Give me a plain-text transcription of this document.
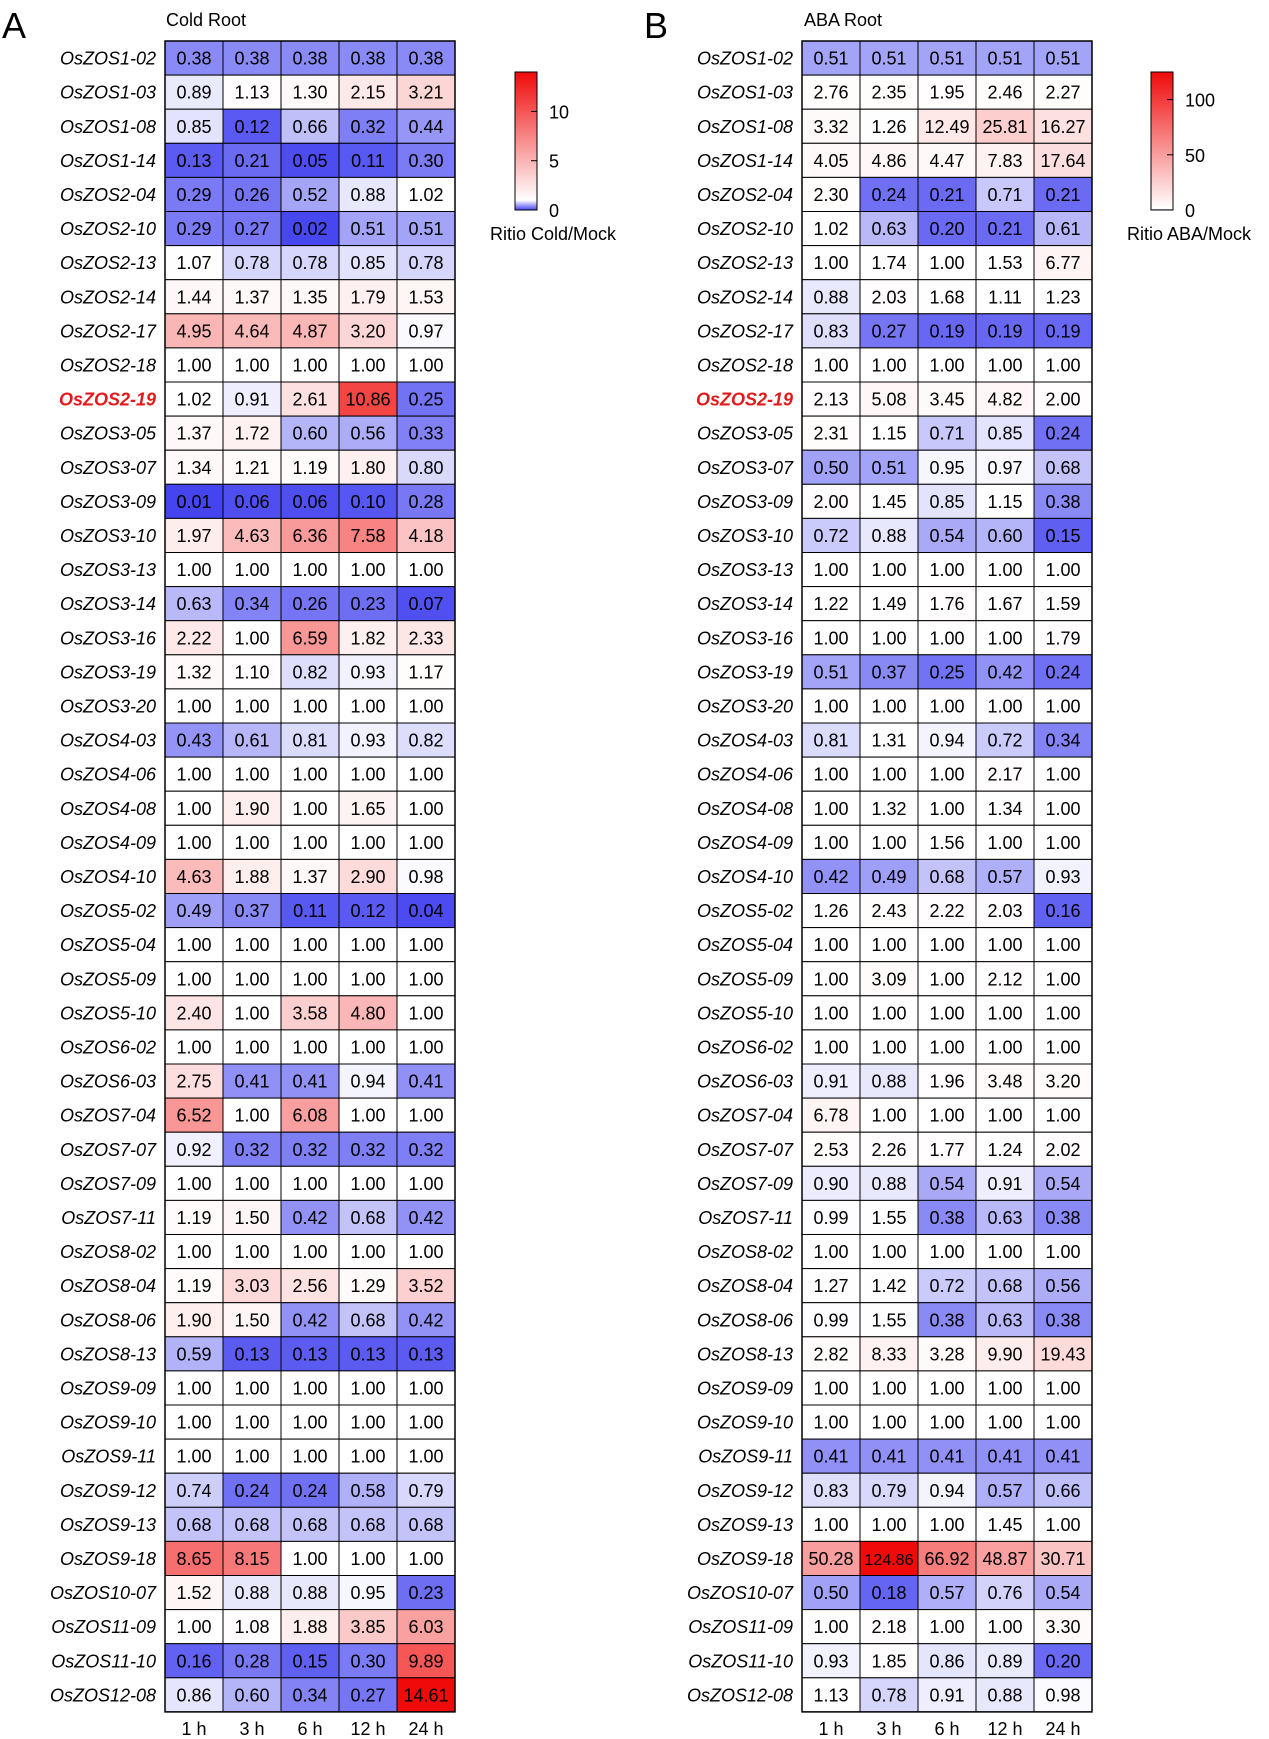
A	Cold Root
OsZOS1-02
OsZOS1-03
OsZOS1-08
OsZOS1-14
OsZOS2-04
OsZOS2-10
OsZOS2-13
OsZOS2-14
OsZOS2-17
OsZOS2-18
OsZOS2-19
OsZOS3-05
OsZOS3-07
OsZOS3-09
OsZOS3-10
OsZOS3-13
OsZOS3-14
OsZOS3-16
OsZOS3-19
OsZOS3-20
OsZOS4-03
OsZOS4-06
OsZOS4-08
OsZOS4-09
OsZOS4-10
OsZOS5-02
OsZOS5-04
OsZOS5-09
OsZOS5-10
OsZOS6-02
OsZOS6-03
OsZOS7-04
OsZOS7-07
OsZOS7-09
OsZOS7-11
OsZOS8-02
OsZOS8-04
OsZOS8-06
OsZOS8-13
OsZOS9-09
OsZOS9-10
OsZOS9-11
OsZOS9-12
OsZOS9-13
OsZOS9-18
OsZOS10-07
OsZOS11-09
OsZOS11-10
OsZOS12-08
0.38 0.38 0.38 0.38 0.38
0.89 1.13 1.30 2.15 3.21
0.85 0.12 0.66 0.32 0.44
0.13 0.21 0.05 0.11 0.30
0.29 0.26 0.52 0.88 1.02
0.29 0.27 0.02 0.51 0.51
1.07 0.78 0.78 0.85 0.78
1.44 1.37 1.35 1.79 1.53
4.95 4.64 4.87 3.20 0.97
1.00 1.00 1.00 1.00 1.00
1.02 0.91 2.61 10.86 0.25
1.37 1.72 0.60 0.56 0.33
1.34 1.21 1.19 1.80 0.80
0.01 0.06 0.06 0.10 0.28
1.97 4.63 6.36 7.58 4.18
1.00 1.00 1.00 1.00 1.00
0.63 0.34 0.26 0.23 0.07
2.22 1.00 6.59 1.82 2.33
1.32 1.10 0.82 0.93 1.17
1.00 1.00 1.00 1.00 1.00
0.43 0.61 0.81 0.93 0.82
1.00 1.00 1.00 1.00 1.00
1.00 1.90 1.00 1.65 1.00
1.00 1.00 1.00 1.00 1.00
4.63 1.88 1.37 2.90 0.98
0.49 0.37 0.11 0.12 0.04
1.00 1.00 1.00 1.00 1.00
1.00 1.00 1.00 1.00 1.00
2.40 1.00 3.58 4.80 1.00
1.00 1.00 1.00 1.00 1.00
2.75 0.41 0.41 0.94 0.41
6.52 1.00 6.08 1.00 1.00
0.92 0.32 0.32 0.32 0.32
1.00 1.00 1.00 1.00 1.00
1.19 1.50 0.42 0.68 0.42
1.00 1.00 1.00 1.00 1.00
1.19 3.03 2.56 1.29 3.52
1.90 1.50 0.42 0.68 0.42
0.59 0.13 0.13 0.13 0.13
1.00 1.00 1.00 1.00 1.00
1.00 1.00 1.00 1.00 1.00
1.00 1.00 1.00 1.00 1.00
0.74 0.24 0.24 0.58 0.79
0.68 0.68 0.68 0.68 0.68
8.65 8.15 1.00 1.00 1.00
1.52 0.88 0.88 0.95 0.23
1.00 1.08 1.88 3.85 6.03
0.16 0.28 0.15 0.30 9.89
0.86 0.60 0.34 0.27 14.61
1 h 3 h 6 h 12 h 24 h
Ritio Cold/Mock
0
5
10
B	ABA Root
OsZOS1-02
OsZOS1-03
OsZOS1-08
OsZOS1-14
OsZOS2-04
OsZOS2-10
OsZOS2-13
OsZOS2-14
OsZOS2-17
OsZOS2-18
OsZOS2-19
OsZOS3-05
OsZOS3-07
OsZOS3-09
OsZOS3-10
OsZOS3-13
OsZOS3-14
OsZOS3-16
OsZOS3-19
OsZOS3-20
OsZOS4-03
OsZOS4-06
OsZOS4-08
OsZOS4-09
OsZOS4-10
OsZOS5-02
OsZOS5-04
OsZOS5-09
OsZOS5-10
OsZOS6-02
OsZOS6-03
OsZOS7-04
OsZOS7-07
OsZOS7-09
OsZOS7-11
OsZOS8-02
OsZOS8-04
OsZOS8-06
OsZOS8-13
OsZOS9-09
OsZOS9-10
OsZOS9-11
OsZOS9-12
OsZOS9-13
OsZOS9-18
OsZOS10-07
OsZOS11-09
OsZOS11-10
OsZOS12-08
0.51 0.51 0.51 0.51 0.51
2.76 2.35 1.95 2.46 2.27
3.32 1.26 12.49 25.81 16.27
4.05 4.86 4.47 7.83 17.64
2.30 0.24 0.21 0.71 0.21
1.02 0.63 0.20 0.21 0.61
1.00 1.74 1.00 1.53 6.77
0.88 2.03 1.68 1.11 1.23
0.83 0.27 0.19 0.19 0.19
1.00 1.00 1.00 1.00 1.00
2.13 5.08 3.45 4.82 2.00
2.31 1.15 0.71 0.85 0.24
0.50 0.51 0.95 0.97 0.68
2.00 1.45 0.85 1.15 0.38
0.72 0.88 0.54 0.60 0.15
1.00 1.00 1.00 1.00 1.00
1.22 1.49 1.76 1.67 1.59
1.00 1.00 1.00 1.00 1.79
0.51 0.37 0.25 0.42 0.24
1.00 1.00 1.00 1.00 1.00
0.81 1.31 0.94 0.72 0.34
1.00 1.00 1.00 2.17 1.00
1.00 1.32 1.00 1.34 1.00
1.00 1.00 1.56 1.00 1.00
0.42 0.49 0.68 0.57 0.93
1.26 2.43 2.22 2.03 0.16
1.00 1.00 1.00 1.00 1.00
1.00 3.09 1.00 2.12 1.00
1.00 1.00 1.00 1.00 1.00
1.00 1.00 1.00 1.00 1.00
0.91 0.88 1.96 3.48 3.20
6.78 1.00 1.00 1.00 1.00
2.53 2.26 1.77 1.24 2.02
0.90 0.88 0.54 0.91 0.54
0.99 1.55 0.38 0.63 0.38
1.00 1.00 1.00 1.00 1.00
1.27 1.42 0.72 0.68 0.56
0.99 1.55 0.38 0.63 0.38
2.82 8.33 3.28 9.90 19.43
1.00 1.00 1.00 1.00 1.00
1.00 1.00 1.00 1.00 1.00
0.41 0.41 0.41 0.41 0.41
0.83 0.79 0.94 0.57 0.66
1.00 1.00 1.00 1.45 1.00
50.28 124.86 66.92 48.87 30.71
0.50 0.18 0.57 0.76 0.54
1.00 2.18 1.00 1.00 3.30
0.93 1.85 0.86 0.89 0.20
1.13 0.78 0.91 0.88 0.98
1 h 3 h 6 h 12 h 24 h
Ritio ABA/Mock
0
50
100
